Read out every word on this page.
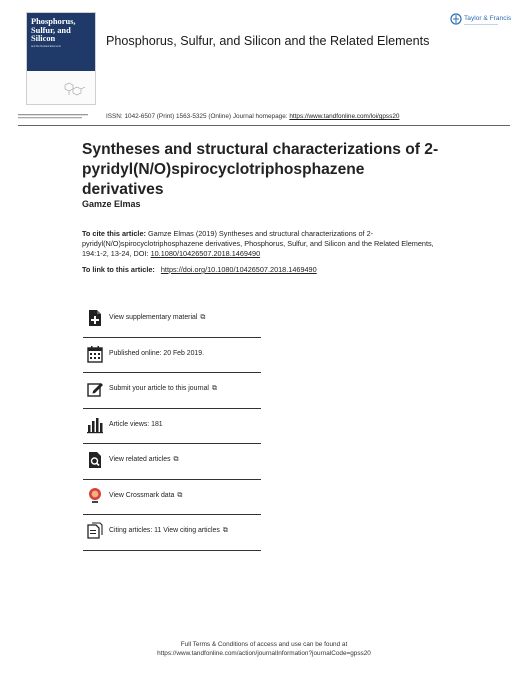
Phosphorus, Sulfur, and Silicon
and the Related Elements	Phosphorus, Sulfur, and Silicon and the Related Elements
Taylor & Francis
ISSN: 1042-6507 (Print) 1563-5325 (Online) Journal homepage: https://www.tandfonline.com/loi/gpss20
Syntheses and structural characterizations of 2-pyridyl(N/O)spirocyclotriphosphazene derivatives
Gamze Elmas
To cite this article: Gamze Elmas (2019) Syntheses and structural characterizations of 2-pyridyl(N/O)spirocyclotriphosphazene derivatives, Phosphorus, Sulfur, and Silicon and the Related Elements, 194:1-2, 13-24, DOI: 10.1080/10426507.2018.1469490
To link to this article: https://doi.org/10.1080/10426507.2018.1469490
View supplementary material ⧉
Published online: 20 Feb 2019.
Submit your article to this journal ⧉
Article views: 181
View related articles ⧉
View Crossmark data ⧉
Citing articles: 11 View citing articles ⧉
Full Terms & Conditions of access and use can be found at
https://www.tandfonline.com/action/journalInformation?journalCode=gpss20
